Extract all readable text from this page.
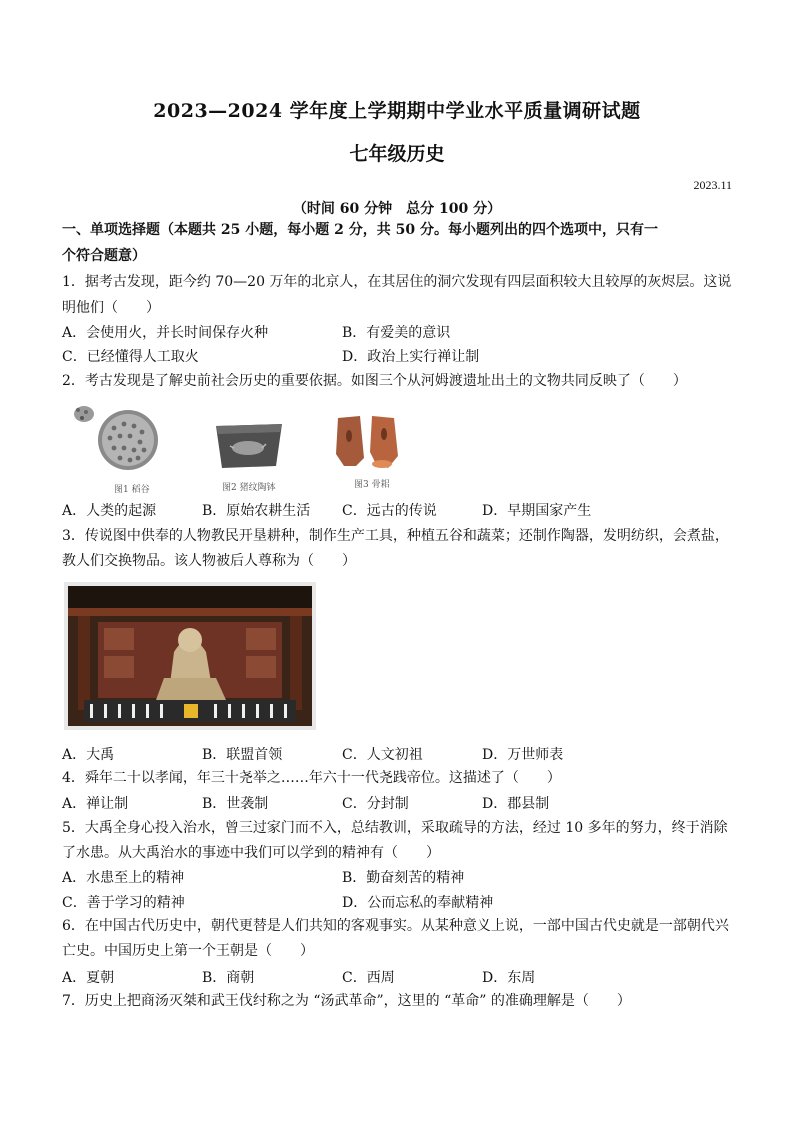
2023—2024 学年度上学期期中学业水平质量调研试题
七年级历史
2023.11
（时间 60 分钟　总分 100 分）
一、单项选择题（本题共 25 小题，每小题 2 分，共 50 分。每小题列出的四个选项中，只有一
个符合题意）
1．据考古发现，距今约 70—20 万年的北京人，在其居住的洞穴发现有四层面积较大且较厚的灰烬层。这说
明他们（　　）
A．会使用火，并长时间保存火种	B．有爱美的意识
C．已经懂得人工取火	D．政治上实行禅让制
2．考古发现是了解史前社会历史的重要依据。如图三个从河姆渡遗址出土的文物共同反映了（　　）
图1 稻谷	图2 猪纹陶钵	图3 骨耜
A．人类的起源	B．原始农耕生活 C．远古的传说	D．早期国家产生
3．传说图中供奉的人物教民开垦耕种，制作生产工具，种植五谷和蔬菜；还制作陶器，发明纺织，会煮盐，
教人们交换物品。该人物被后人尊称为（　　）
A．大禹	B．联盟首领	C．人文初祖	D．万世师表
4．舜年二十以孝闻，年三十尧举之……年六十一代尧践帝位。这描述了（　　）
A．禅让制	B．世袭制	C．分封制	D．郡县制
5．大禹全身心投入治水，曾三过家门而不入，总结教训，采取疏导的方法，经过 10 多年的努力，终于消除
了水患。从大禹治水的事迹中我们可以学到的精神有（　　）
A．水患至上的精神	B．勤奋刻苦的精神
C．善于学习的精神	D．公而忘私的奉献精神
6．在中国古代历史中，朝代更替是人们共知的客观事实。从某种意义上说，一部中国古代史就是一部朝代兴
亡史。中国历史上第一个王朝是（　　）
A．夏朝	B．商朝	C．西周	D．东周
7．历史上把商汤灭桀和武王伐纣称之为 “汤武革命”，这里的 “革命” 的准确理解是（　　）
